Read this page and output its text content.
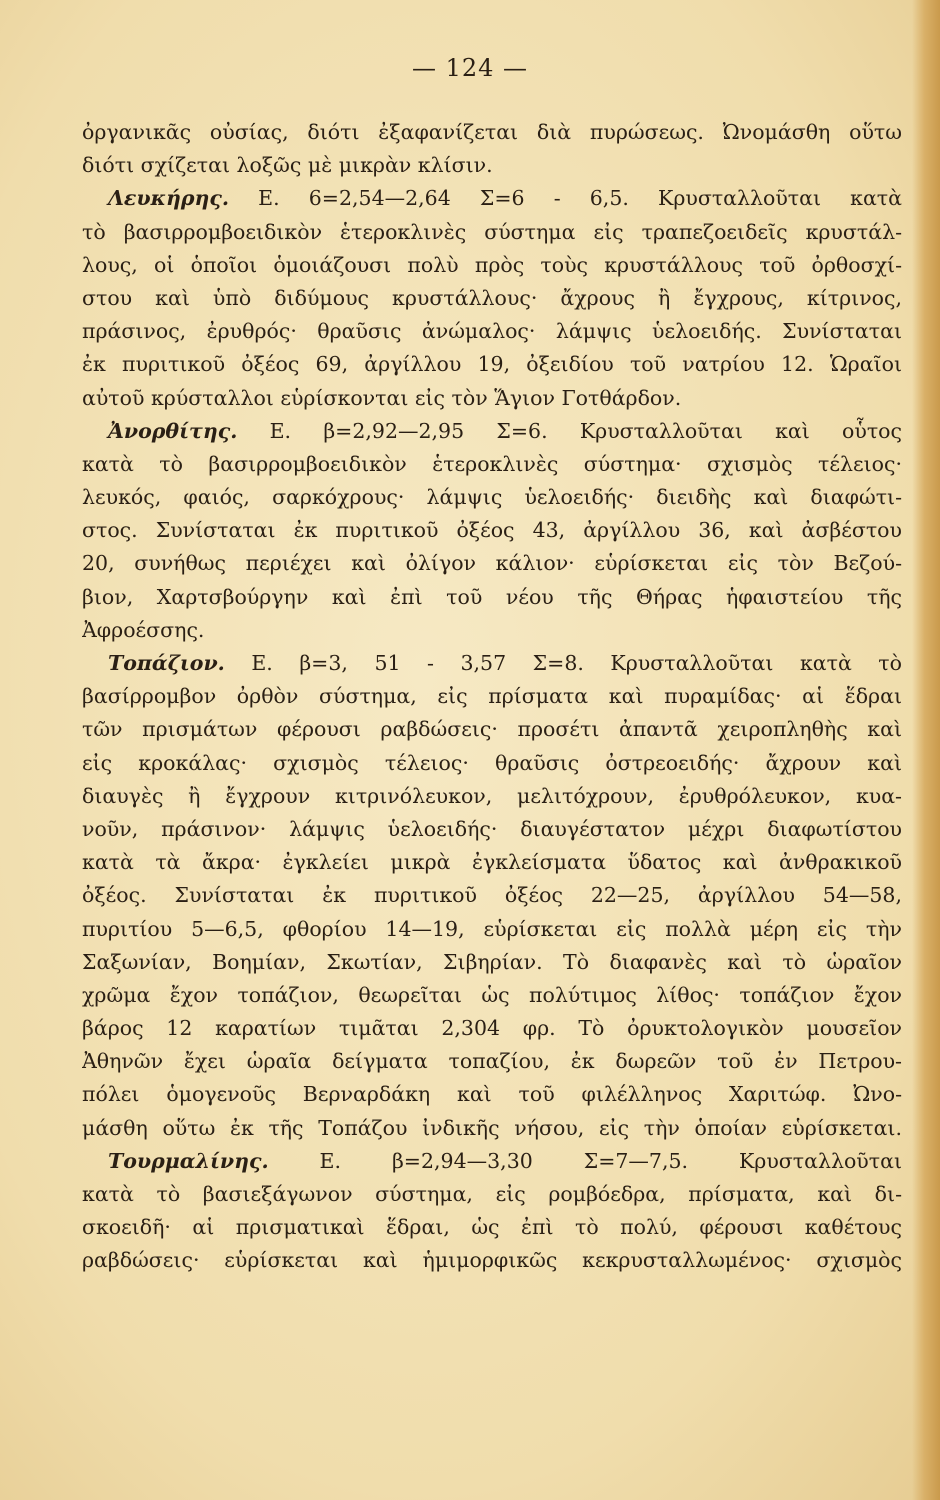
— 124 —
ὀργανικᾶς οὐσίας, διότι ἐξαφανίζεται διὰ πυρώσεως. Ὠνομάσθη οὕτω
διότι σχίζεται λοξῶς μὲ μικρὰν κλίσιν.
Λευκήρης. Ε. 6=2,54—2,64 Σ=6 - 6,5. Κρυσταλλοῦται κατὰ
τὸ βασιρρομβοειδικὸν ἑτεροκλινὲς σύστημα εἰς τραπεζοειδεῖς κρυστάλ-
λους, οἱ ὁποῖοι ὁμοιάζουσι πολὺ πρὸς τοὺς κρυστάλλους τοῦ ὀρθοσχί-
στου καὶ ὑπὸ διδύμους κρυστάλλους· ἄχρους ἢ ἔγχρους, κίτρινος,
πράσινος, ἐρυθρός· θραῦσις ἀνώμαλος· λάμψις ὑελοειδής. Συνίσταται
ἐκ πυριτικοῦ ὀξέος 69, ἀργίλλου 19, ὀξειδίου τοῦ νατρίου 12. Ὡραῖοι
αὐτοῦ κρύσταλλοι εὑρίσκονται εἰς τὸν Ἅγιον Γοτθάρδον.
Ἀνορθίτης. Ε. β=2,92—2,95 Σ=6. Κρυσταλλοῦται καὶ οὗτος
κατὰ τὸ βασιρρομβοειδικὸν ἑτεροκλινὲς σύστημα· σχισμὸς τέλειος·
λευκός, φαιός, σαρκόχρους· λάμψις ὑελοειδής· διειδὴς καὶ διαφώτι-
στος. Συνίσταται ἐκ πυριτικοῦ ὀξέος 43, ἀργίλλου 36, καὶ ἀσβέστου
20, συνήθως περιέχει καὶ ὀλίγον κάλιον· εὑρίσκεται εἰς τὸν Βεζού-
βιον, Χαρτσβούργην καὶ ἐπὶ τοῦ νέου τῆς Θήρας ἡφαιστείου τῆς
Ἀφροέσσης.
Τοπάζιον. Ε. β=3, 51 - 3,57 Σ=8. Κρυσταλλοῦται κατὰ τὸ
βασίρρομβον ὀρθὸν σύστημα, εἰς πρίσματα καὶ πυραμίδας· αἱ ἕδραι
τῶν πρισμάτων φέρουσι ραβδώσεις· προσέτι ἀπαντᾶ χειροπληθὴς καὶ
εἰς κροκάλας· σχισμὸς τέλειος· θραῦσις ὀστρεοειδής· ἄχρουν καὶ
διαυγὲς ἢ ἔγχρουν κιτρινόλευκον, μελιτόχρουν, ἐρυθρόλευκον, κυα-
νοῦν, πράσινον· λάμψις ὑελοειδής· διαυγέστατον μέχρι διαφωτίστου
κατὰ τὰ ἄκρα· ἐγκλείει μικρὰ ἐγκλείσματα ὕδατος καὶ ἀνθρακικοῦ
ὀξέος. Συνίσταται ἐκ πυριτικοῦ ὀξέος 22—25, ἀργίλλου 54—58,
πυριτίου 5—6,5, φθορίου 14—19, εὑρίσκεται εἰς πολλὰ μέρη εἰς τὴν
Σαξωνίαν, Βοημίαν, Σκωτίαν, Σιβηρίαν. Τὸ διαφανὲς καὶ τὸ ὡραῖον
χρῶμα ἔχον τοπάζιον, θεωρεῖται ὡς πολύτιμος λίθος· τοπάζιον ἔχον
βάρος 12 καρατίων τιμᾶται 2,304 φρ. Τὸ ὀρυκτολογικὸν μουσεῖον
Ἀθηνῶν ἔχει ὡραῖα δείγματα τοπαζίου, ἐκ δωρεῶν τοῦ ἐν Πετρου-
πόλει ὁμογενοῦς Βερναρδάκη καὶ τοῦ φιλέλληνος Χαριτώφ. Ὠνο-
μάσθη οὕτω ἐκ τῆς Τοπάζου ἰνδικῆς νήσου, εἰς τὴν ὁποίαν εὑρίσκεται.
Τουρμαλίνης. Ε. β=2,94—3,30 Σ=7—7,5. Κρυσταλλοῦται
κατὰ τὸ βασιεξάγωνον σύστημα, εἰς ρομβόεδρα, πρίσματα, καὶ δι-
σκοειδῆ· αἱ πρισματικαὶ ἕδραι, ὡς ἐπὶ τὸ πολύ, φέρουσι καθέτους
ραβδώσεις· εὑρίσκεται καὶ ἡμιμορφικῶς κεκρυσταλλωμένος· σχισμὸς
